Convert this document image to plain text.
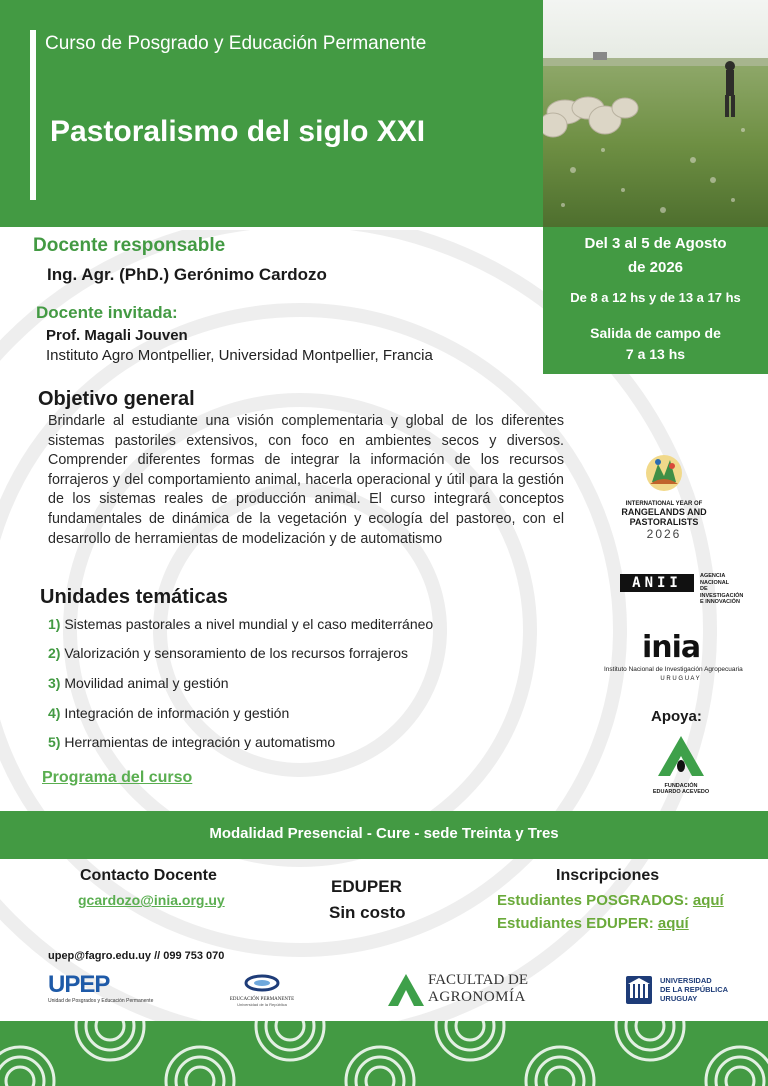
Curso de Posgrado y Educación Permanente
Pastoralismo del siglo XXI
Del 3 al 5 de Agosto
de 2026
De 8 a 12 hs y de 13 a 17 hs
Salida de campo de
7 a 13 hs
Docente responsable
Ing. Agr. (PhD.) Gerónimo Cardozo
Docente invitada:
Prof. Magali Jouven
Instituto Agro Montpellier, Universidad Montpellier, Francia
Objetivo general
Brindarle al estudiante una visión complementaria y global de los diferentes sistemas pastoriles extensivos, con foco en ambientes secos y diversos. Comprender diferentes formas de integrar la información de los recursos forrajeros y del comportamiento animal, hacerla operacional y útil para la gestión de los sistemas reales de producción animal. El curso integrará conceptos fundamentales de dinámica de la vegetación y ecología del pastoreo, con el desarrollo de herramientas de modelización y de automatismo
Unidades temáticas
1) Sistemas pastorales a nivel mundial y el caso mediterráneo
2) Valorización y sensoramiento de los recursos forrajeros
3) Movilidad animal y gestión
4) Integración de información y gestión
5) Herramientas de integración y automatismo
Programa del curso
INTERNATIONAL YEAR OF
RANGELANDS AND
PASTORALISTS
2026
ANII	AGENCIA NACIONAL
DE INVESTIGACIÓN
E INNOVACIÓN
inia
Instituto Nacional de Investigación Agropecuaria
U R U G U A Y
Apoya:
FUNDACIÓN
EDUARDO ACEVEDO
Modalidad Presencial - Cure - sede Treinta y Tres
Contacto Docente
gcardozo@inia.org.uy
EDUPER
Sin costo
Inscripciones
Estudiantes POSGRADOS: aquí
Estudiantes EDUPER: aquí
upep@fagro.edu.uy // 099 753 070
UPEP
Unidad de Posgrados y Educación Permanente	EDUCACIÓN PERMANENTE
Universidad de la República
FACULTAD DE
AGRONOMÍA
UNIVERSIDAD
DE LA REPÚBLICA
URUGUAY
